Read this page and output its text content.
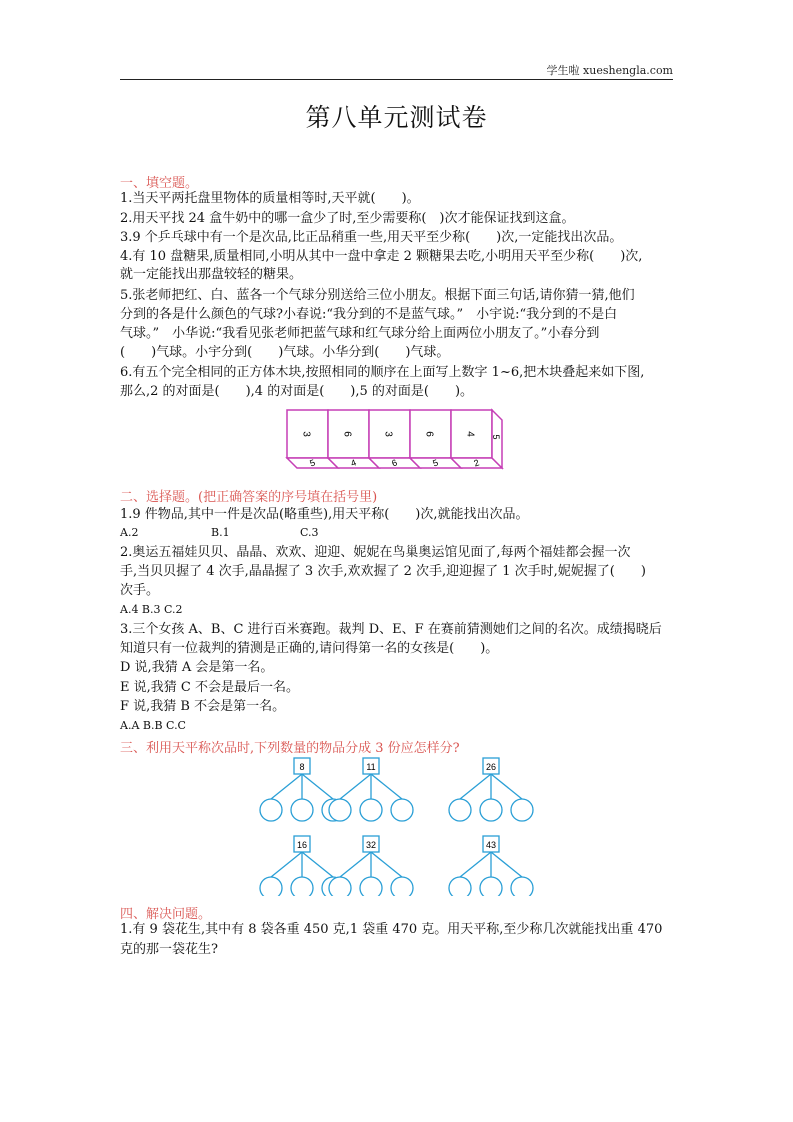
学生啦 xueshengla.com
第八单元测试卷
一、填空题。
1.当天平两托盘里物体的质量相等时,天平就(　　)。
2.用天平找 24 盒牛奶中的哪一盒少了时,至少需要称(　)次才能保证找到这盒。
3.9 个乒乓球中有一个是次品,比正品稍重一些,用天平至少称(　　)次,一定能找出次品。
4.有 10 盘糖果,质量相同,小明从其中一盘中拿走 2 颗糖果去吃,小明用天平至少称(　　)次,
就一定能找出那盘较轻的糖果。
5.张老师把红、白、蓝各一个气球分别送给三位小朋友。根据下面三句话,请你猜一猜,他们
分到的各是什么颜色的气球?小春说:“我分到的不是蓝气球。”　小宇说:“我分到的不是白
气球。”　小华说:“我看见张老师把蓝气球和红气球分给上面两位小朋友了。”小春分到
(　　)气球。小宇分到(　　)气球。小华分到(　　)气球。
6.有五个完全相同的正方体木块,按照相同的顺序在上面写上数字 1~6,把木块叠起来如下图,
那么,2 的对面是(　　),4 的对面是(　　),5 的对面是(　　)。
3
5
6
4
3
6
6
5
4
2
5
二、选择题。(把正确答案的序号填在括号里)
1.9 件物品,其中一件是次品(略重些),用天平称(　　)次,就能找出次品。
A.2	B.1	C.3
2.奥运五福娃贝贝、晶晶、欢欢、迎迎、妮妮在鸟巢奥运馆见面了,每两个福娃都会握一次
手,当贝贝握了 4 次手,晶晶握了 3 次手,欢欢握了 2 次手,迎迎握了 1 次手时,妮妮握了(　　)
次手。
A.4 B.3 C.2
3.三个女孩 A、B、C 进行百米赛跑。裁判 D、E、F 在赛前猜测她们之间的名次。成绩揭晓后
知道只有一位裁判的猜测是正确的,请问得第一名的女孩是(　　)。
D 说,我猜 A 会是第一名。
E 说,我猜 C 不会是最后一名。
F 说,我猜 B 不会是第一名。
A.A B.B C.C
三、利用天平称次品时,下列数量的物品分成 3 份应怎样分?
8	11	26
16	32	43
四、解决问题。
1.有 9 袋花生,其中有 8 袋各重 450 克,1 袋重 470 克。用天平称,至少称几次就能找出重 470
克的那一袋花生?
